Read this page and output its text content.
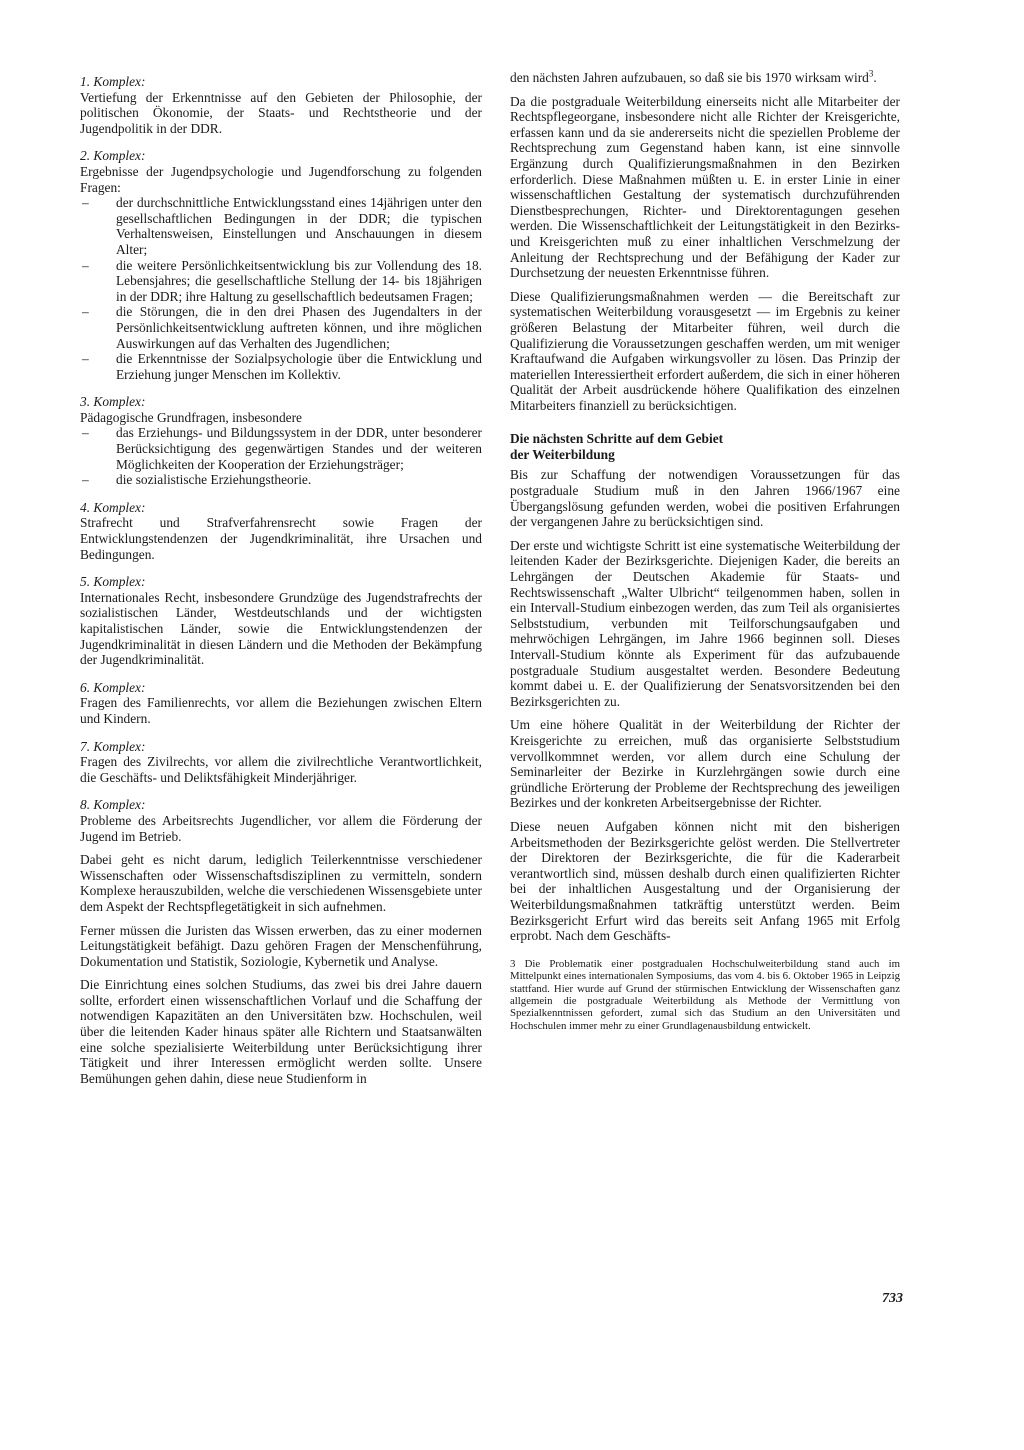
1. Komplex:

Vertiefung der Erkenntnisse auf den Gebieten der Philosophie, der politischen Ökonomie, der Staats- und Rechtstheorie und der Jugendpolitik in der DDR.

2. Komplex:

Ergebnisse der Jugendpsychologie und Jugendforschung zu folgenden Fragen:

– der durchschnittliche Entwicklungsstand eines 14jährigen unter den gesellschaftlichen Bedingungen in der DDR; die typischen Verhaltensweisen, Einstellungen und Anschauungen in diesem Alter;
– die weitere Persönlichkeitsentwicklung bis zur Vollendung des 18. Lebensjahres; die gesellschaftliche Stellung der 14- bis 18jährigen in der DDR; ihre Haltung zu gesellschaftlich bedeutsamen Fragen;
– die Störungen, die in den drei Phasen des Jugendalters in der Persönlichkeitsentwicklung auftreten können, und ihre möglichen Auswirkungen auf das Verhalten des Jugendlichen;
– die Erkenntnisse der Sozialpsychologie über die Entwicklung und Erziehung junger Menschen im Kollektiv.

3. Komplex:

Pädagogische Grundfragen, insbesondere

– das Erziehungs- und Bildungssystem in der DDR, unter besonderer Berücksichtigung des gegenwärtigen Standes und der weiteren Möglichkeiten der Kooperation der Erziehungsträger;
– die sozialistische Erziehungstheorie.

4. Komplex:

Strafrecht und Strafverfahrensrecht sowie Fragen der Entwicklungstendenzen der Jugendkriminalität, ihre Ursachen und Bedingungen.

5. Komplex:

Internationales Recht, insbesondere Grundzüge des Jugendstrafrechts der sozialistischen Länder, Westdeutschlands und der wichtigsten kapitalistischen Länder, sowie die Entwicklungstendenzen der Jugendkriminalität in diesen Ländern und die Methoden der Bekämpfung der Jugendkriminalität.

6. Komplex:

Fragen des Familienrechts, vor allem die Beziehungen zwischen Eltern und Kindern.

7. Komplex:

Fragen des Zivilrechts, vor allem die zivilrechtliche Verantwortlichkeit, die Geschäfts- und Deliktsfähigkeit Minderjähriger.

8. Komplex:

Probleme des Arbeitsrechts Jugendlicher, vor allem die Förderung der Jugend im Betrieb.

Dabei geht es nicht darum, lediglich Teilerkenntnisse verschiedener Wissenschaften oder Wissenschaftsdisziplinen zu vermitteln, sondern Komplexe herauszubilden, welche die verschiedenen Wissensgebiete unter dem Aspekt der Rechtspflegetätigkeit in sich aufnehmen.

Ferner müssen die Juristen das Wissen erwerben, das zu einer modernen Leitungstätigkeit befähigt. Dazu gehören Fragen der Menschenführung, Dokumentation und Statistik, Soziologie, Kybernetik und Analyse.

Die Einrichtung eines solchen Studiums, das zwei bis drei Jahre dauern sollte, erfordert einen wissenschaftlichen Vorlauf und die Schaffung der notwendigen Kapazitäten an den Universitäten bzw. Hochschulen, weil über die leitenden Kader hinaus später alle Richtern und Staatsanwälten eine solche spezialisierte Weiterbildung unter Berücksichtigung ihrer Tätigkeit und ihrer Interessen ermöglicht werden sollte. Unsere Bemühungen gehen dahin, diese neue Studienform in

den nächsten Jahren aufzubauen, so daß sie bis 1970 wirksam wird$^3$.

Da die postgraduale Weiterbildung einerseits nicht alle Mitarbeiter der Rechtspflegeorgane, insbesondere nicht alle Richter der Kreisgerichte, erfassen kann und da sie andererseits nicht die speziellen Probleme der Rechtsprechung zum Gegenstand haben kann, ist eine sinnvolle Ergänzung durch Qualifizierungsmaßnahmen in den Bezirken erforderlich. Diese Maßnahmen müßten u. E. in erster Linie in einer wissenschaftlichen Gestaltung der systematisch durchzuführenden Dienstbesprechungen, Richter- und Direktorentagungen gesehen werden. Die Wissenschaftlichkeit der Leitungstätigkeit in den Bezirks- und Kreisgerichten muß zu einer inhaltlichen Verschmelzung der Anleitung der Rechtsprechung und der Befähigung der Kader zur Durchsetzung der neuesten Erkenntnisse führen.

Diese Qualifizierungsmaßnahmen werden — die Bereitschaft zur systematischen Weiterbildung vorausgesetzt — im Ergebnis zu keiner größeren Belastung der Mitarbeiter führen, weil durch die Qualifizierung die Voraussetzungen geschaffen werden, um mit weniger Kraftaufwand die Aufgaben wirkungsvoller zu lösen. Das Prinzip der materiellen Interessiertheit erfordert außerdem, die sich in einer höheren Qualität der Arbeit ausdrückende höhere Qualifikation des einzelnen Mitarbeiters finanziell zu berücksichtigen.

Die nächsten Schritte auf dem Gebiet
der Weiterbildung

Bis zur Schaffung der notwendigen Voraussetzungen für das postgraduale Studium muß in den Jahren 1966/1967 eine Übergangslösung gefunden werden, wobei die positiven Erfahrungen der vergangenen Jahre zu berücksichtigen sind.

Der erste und wichtigste Schritt ist eine systematische Weiterbildung der leitenden Kader der Bezirksgerichte. Diejenigen Kader, die bereits an Lehrgängen der Deutschen Akademie für Staats- und Rechtswissenschaft „Walter Ulbricht“ teilgenommen haben, sollen in ein Intervall-Studium einbezogen werden, das zum Teil als organisiertes Selbststudium, verbunden mit Teilforschungsaufgaben und mehrwöchigen Lehrgängen, im Jahre 1966 beginnen soll. Dieses Intervall-Studium könnte als Experiment für das aufzubauende postgraduale Studium ausgestaltet werden. Besondere Bedeutung kommt dabei u. E. der Qualifizierung der Senatsvorsitzenden bei den Bezirksgerichten zu.

Um eine höhere Qualität in der Weiterbildung der Richter der Kreisgerichte zu erreichen, muß das organisierte Selbststudium vervollkommnet werden, vor allem durch eine Schulung der Seminarleiter der Bezirke in Kurzlehrgängen sowie durch eine gründliche Erörterung der Probleme der Rechtsprechung des jeweiligen Bezirkes und der konkreten Arbeitsergebnisse der Richter.

Diese neuen Aufgaben können nicht mit den bisherigen Arbeitsmethoden der Bezirksgerichte gelöst werden. Die Stellvertreter der Direktoren der Bezirksgerichte, die für die Kaderarbeit verantwortlich sind, müssen deshalb durch einen qualifizierten Richter bei der inhaltlichen Ausgestaltung und der Organisierung der Weiterbildungsmaßnahmen tatkräftig unterstützt werden. Beim Bezirksgericht Erfurt wird das bereits seit Anfang 1965 mit Erfolg erprobt. Nach dem Geschäfts-

3 Die Problematik einer postgradualen Hochschulweiterbildung stand auch im Mittelpunkt eines internationalen Symposiums, das vom 4. bis 6. Oktober 1965 in Leipzig stattfand. Hier wurde auf Grund der stürmischen Entwicklung der Wissenschaften ganz allgemein die postgraduale Weiterbildung als Methode der Vermittlung von Spezialkenntnissen gefordert, zumal sich das Studium an den Universitäten und Hochschulen immer mehr zu einer Grundlagenausbildung entwickelt.

733
